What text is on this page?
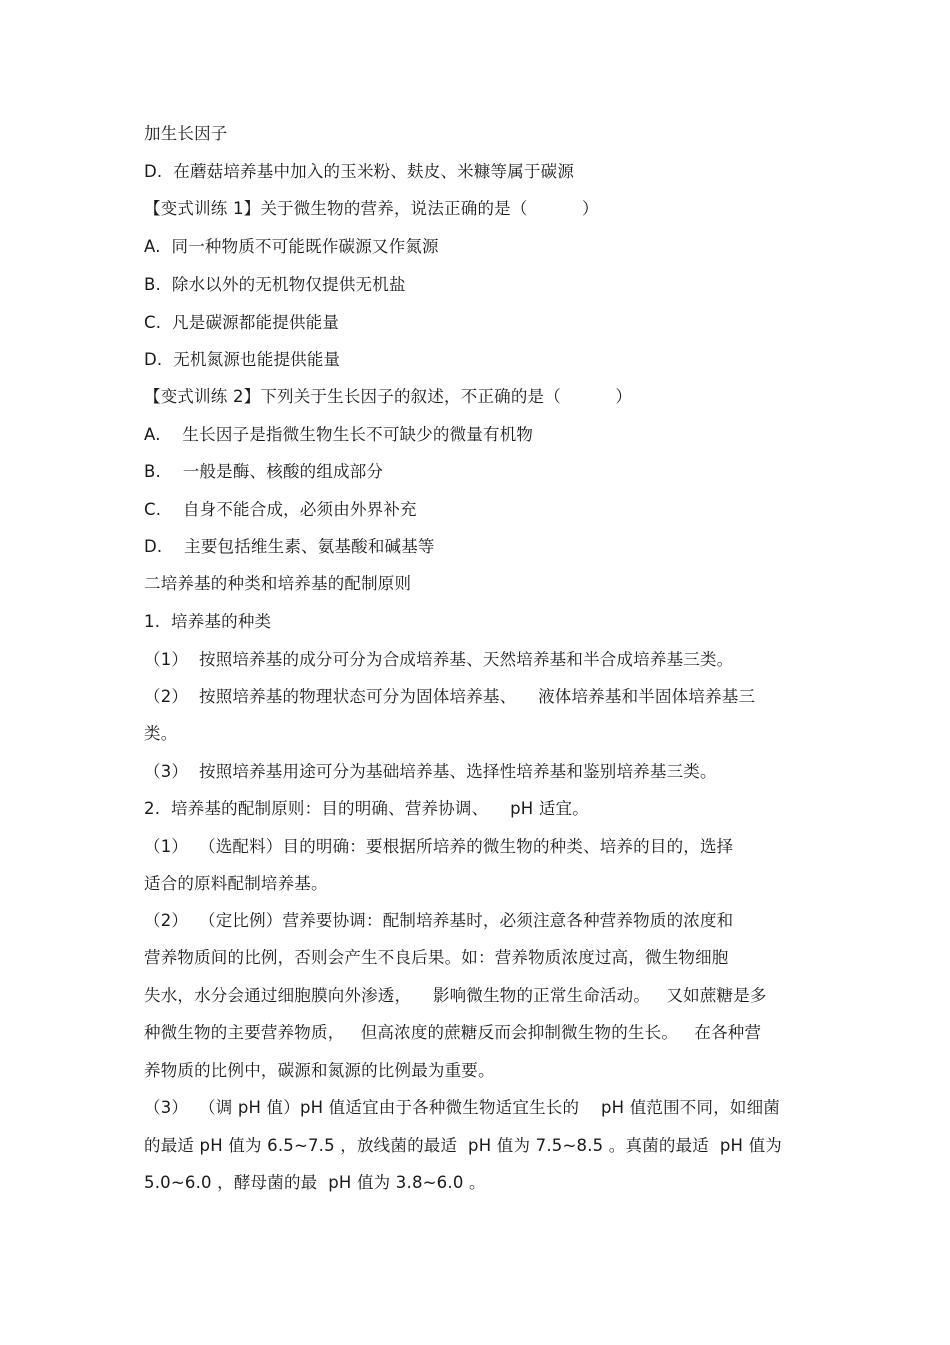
加生长因子
D.  在蘑菇培养基中加入的玉米粉、麸皮、米糠等属于碳源
【变式训练 1】关于微生物的营养，说法正确的是（          ）
A.  同一种物质不可能既作碳源又作氮源
B.  除水以外的无机物仅提供无机盐
C.  凡是碳源都能提供能量
D.  无机氮源也能提供能量
【变式训练 2】下列关于生长因子的叙述，不正确的是（          ）
A.    生长因子是指微生物生长不可缺少的微量有机物
B.    一般是酶、核酸的组成部分
C.    自身不能合成，必须由外界补充
D.    主要包括维生素、氨基酸和碱基等
二培养基的种类和培养基的配制原则
1.  培养基的种类
（1）  按照培养基的成分可分为合成培养基、天然培养基和半合成培养基三类。
（2）  按照培养基的物理状态可分为固体培养基、    液体培养基和半固体培养基三
类。
（3）  按照培养基用途可分为基础培养基、选择性培养基和鉴别培养基三类。
2.  培养基的配制原则：目的明确、营养协调、    pH 适宜。
（1）  （选配料）目的明确：要根据所培养的微生物的种类、培养的目的，选择
适合的原料配制培养基。
（2）  （定比例）营养要协调：配制培养基时，必须注意各种营养物质的浓度和
营养物质间的比例，否则会产生不良后果。如：营养物质浓度过高，微生物细胞
失水，水分会通过细胞膜向外渗透，    影响微生物的正常生命活动。   又如蔗糖是多
种微生物的主要营养物质，   但高浓度的蔗糖反而会抑制微生物的生长。   在各种营
养物质的比例中，碳源和氮源的比例最为重要。
（3）  （调 pH 值）pH 值适宜由于各种微生物适宜生长的    pH 值范围不同，如细菌
的最适 pH 值为 6.5~7.5 ，放线菌的最适  pH 值为 7.5~8.5 。真菌的最适  pH 值为
5.0~6.0 ，酵母菌的最  pH 值为 3.8~6.0 。
